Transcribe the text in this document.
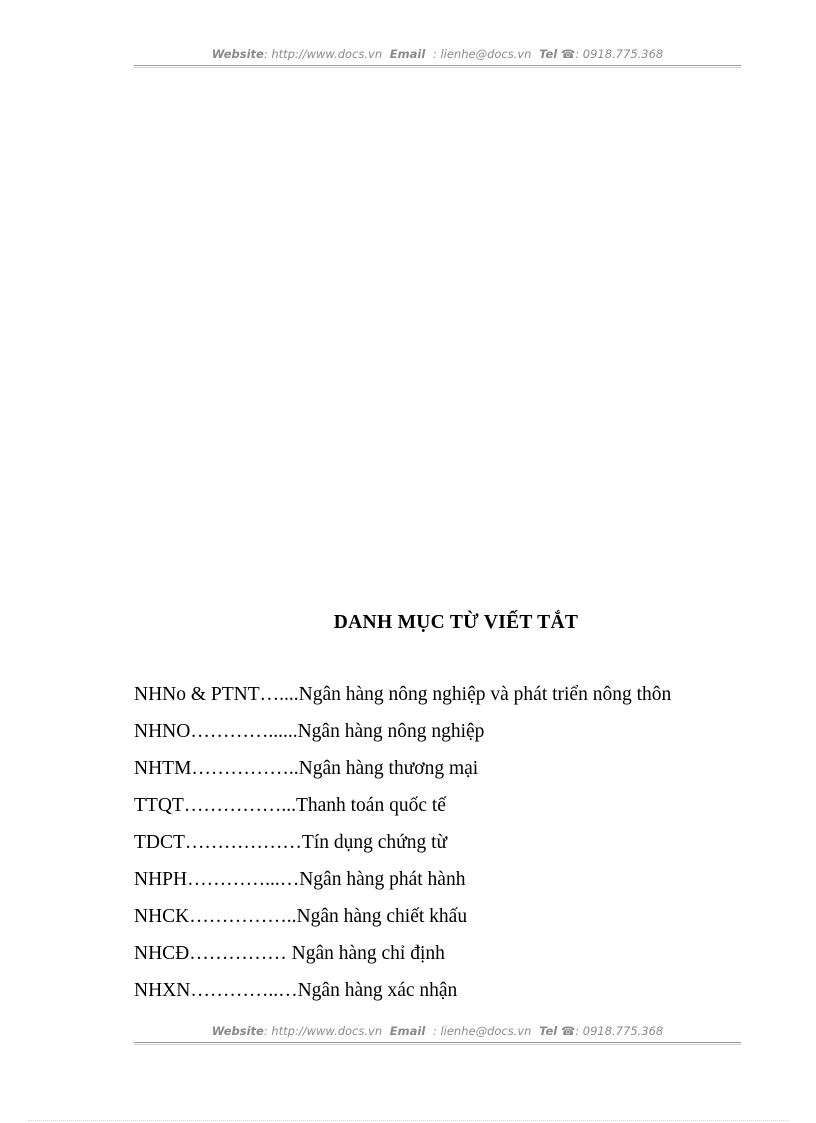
Website: http://www.docs.vn Email : lienhe@docs.vn Tel ☎: 0918.775.368
DANH MỤC TỪ VIẾT TẮT
NHNo & PTNT…....Ngân hàng nông nghiệp và phát triển nông thôn
NHNO…………......Ngân hàng nông nghiệp
NHTM……………..Ngân hàng thương mại
TTQT……………...Thanh toán quốc tế
TDCT………………Tín dụng chứng từ
NHPH…………...…Ngân hàng phát hành
NHCK……………..Ngân hàng chiết khấu
NHCĐ…………… Ngân hàng chỉ định
NHXN…………..…Ngân hàng xác nhận
Website: http://www.docs.vn Email : lienhe@docs.vn Tel ☎: 0918.775.368
